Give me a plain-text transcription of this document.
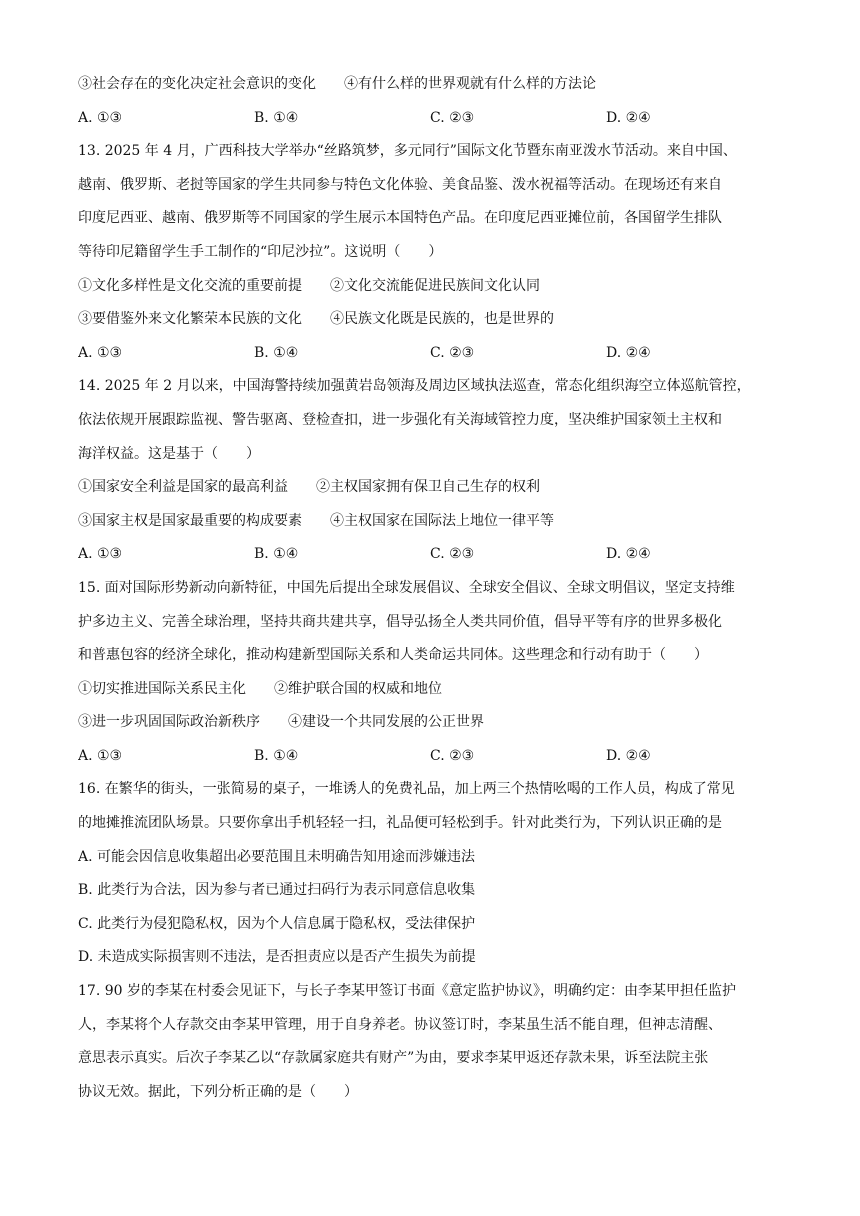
③社会存在的变化决定社会意识的变化 ④有什么样的世界观就有什么样的方法论
A. ①③	B. ①④	C. ②③	D. ②④
13. 2025 年 4 月，广西科技大学举办“丝路筑梦，多元同行”国际文化节暨东南亚泼水节活动。来自中国、
越南、俄罗斯、老挝等国家的学生共同参与特色文化体验、美食品鉴、泼水祝福等活动。在现场还有来自
印度尼西亚、越南、俄罗斯等不同国家的学生展示本国特色产品。在印度尼西亚摊位前，各国留学生排队
等待印尼籍留学生手工制作的“印尼沙拉”。这说明（　　）
①文化多样性是文化交流的重要前提 ②文化交流能促进民族间文化认同
③要借鉴外来文化繁荣本民族的文化 ④民族文化既是民族的，也是世界的
A. ①③	B. ①④	C. ②③	D. ②④
14. 2025 年 2 月以来，中国海警持续加强黄岩岛领海及周边区域执法巡查，常态化组织海空立体巡航管控，
依法依规开展跟踪监视、警告驱离、登检查扣，进一步强化有关海域管控力度，坚决维护国家领土主权和
海洋权益。这是基于（　　）
①国家安全利益是国家的最高利益 ②主权国家拥有保卫自己生存的权利
③国家主权是国家最重要的构成要素 ④主权国家在国际法上地位一律平等
A. ①③	B. ①④	C. ②③	D. ②④
15. 面对国际形势新动向新特征，中国先后提出全球发展倡议、全球安全倡议、全球文明倡议，坚定支持维
护多边主义、完善全球治理，坚持共商共建共享，倡导弘扬全人类共同价值，倡导平等有序的世界多极化
和普惠包容的经济全球化，推动构建新型国际关系和人类命运共同体。这些理念和行动有助于（　　）
①切实推进国际关系民主化 ②维护联合国的权威和地位
③进一步巩固国际政治新秩序 ④建设一个共同发展的公正世界
A. ①③	B. ①④	C. ②③	D. ②④
16. 在繁华的街头，一张简易的桌子，一堆诱人的免费礼品，加上两三个热情吆喝的工作人员，构成了常见
的地摊推流团队场景。只要你拿出手机轻轻一扫，礼品便可轻松到手。针对此类行为，下列认识正确的是
A. 可能会因信息收集超出必要范围且未明确告知用途而涉嫌违法
B. 此类行为合法，因为参与者已通过扫码行为表示同意信息收集
C. 此类行为侵犯隐私权，因为个人信息属于隐私权，受法律保护
D. 未造成实际损害则不违法，是否担责应以是否产生损失为前提
17. 90 岁的李某在村委会见证下，与长子李某甲签订书面《意定监护协议》，明确约定：由李某甲担任监护
人，李某将个人存款交由李某甲管理，用于自身养老。协议签订时，李某虽生活不能自理，但神志清醒、
意思表示真实。后次子李某乙以“存款属家庭共有财产”为由，要求李某甲返还存款未果，诉至法院主张
协议无效。据此，下列分析正确的是（　　）
